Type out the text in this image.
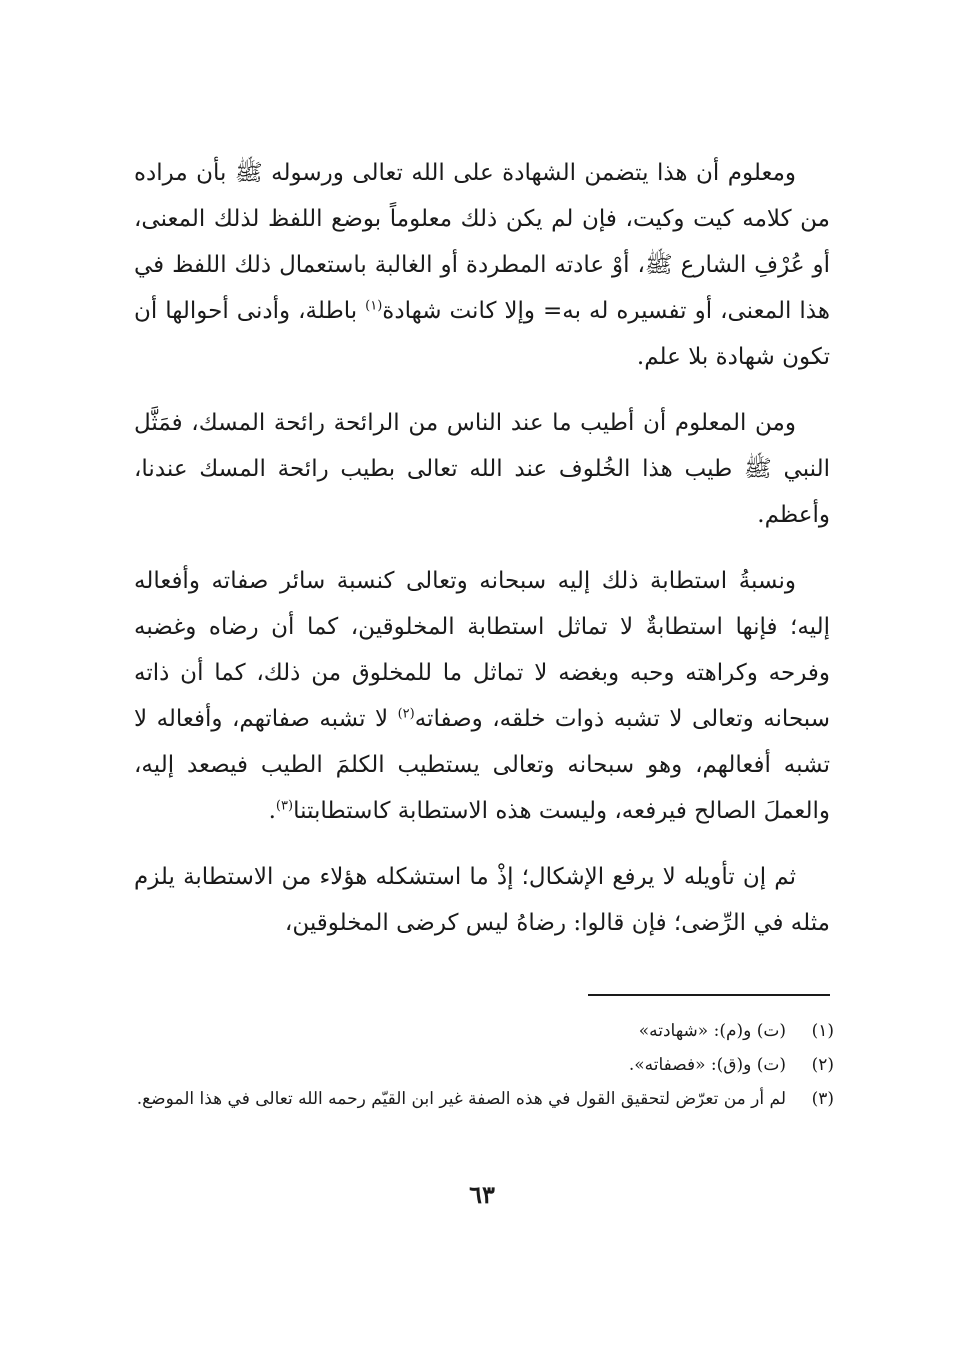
ومعلوم أن هذا يتضمن الشهادة على الله تعالى ورسوله ﷺ بأن مراده من كلامه كيت وكيت، فإن لم يكن ذلك معلوماً بوضع اللفظ لذلك المعنى، أو عُرْفِ الشارع ﷺ، أوْ عادته المطردة أو الغالبة باستعمال ذلك اللفظ في هذا المعنى، أو تفسيره له به= وإلا كانت شهادة$^{(١)}$ باطلة، وأدنى أحوالها أن تكون شهادة بلا علم.

ومن المعلوم أن أطيب ما عند الناس من الرائحة رائحة المسك، فمَثَّل النبي ﷺ طيب هذا الخُلوف عند الله تعالى بطيب رائحة المسك عندنا، وأعظم.

ونسبةُ استطابة ذلك إليه سبحانه وتعالى كنسبة سائر صفاته وأفعاله إليه؛ فإنها استطابةٌ لا تماثل استطابة المخلوقين، كما أن رضاه وغضبه وفرحه وكراهته وحبه وبغضه لا تماثل ما للمخلوق من ذلك، كما أن ذاته سبحانه وتعالى لا تشبه ذوات خلقه، وصفاته$^{(٢)}$ لا تشبه صفاتهم، وأفعاله لا تشبه أفعالهم، وهو سبحانه وتعالى يستطيب الكلمَ الطيب فيصعد إليه، والعملَ الصالح فيرفعه، وليست هذه الاستطابة كاستطابتنا$^{(٣)}$.

ثم إن تأويله لا يرفع الإشكال؛ إذْ ما استشكله هؤلاء من الاستطابة يلزم مثله في الرِّضى؛ فإن قالوا: رضاهُ ليس كرضى المخلوقين،

(١)
(ت) و(م): «شهادته»
(٢)
(ت) و(ق): «فصفاته».
(٣)
لم أر من تعرّض لتحقيق القول في هذه الصفة غير ابن القيّم رحمه الله تعالى في هذا الموضع.
٦٣
